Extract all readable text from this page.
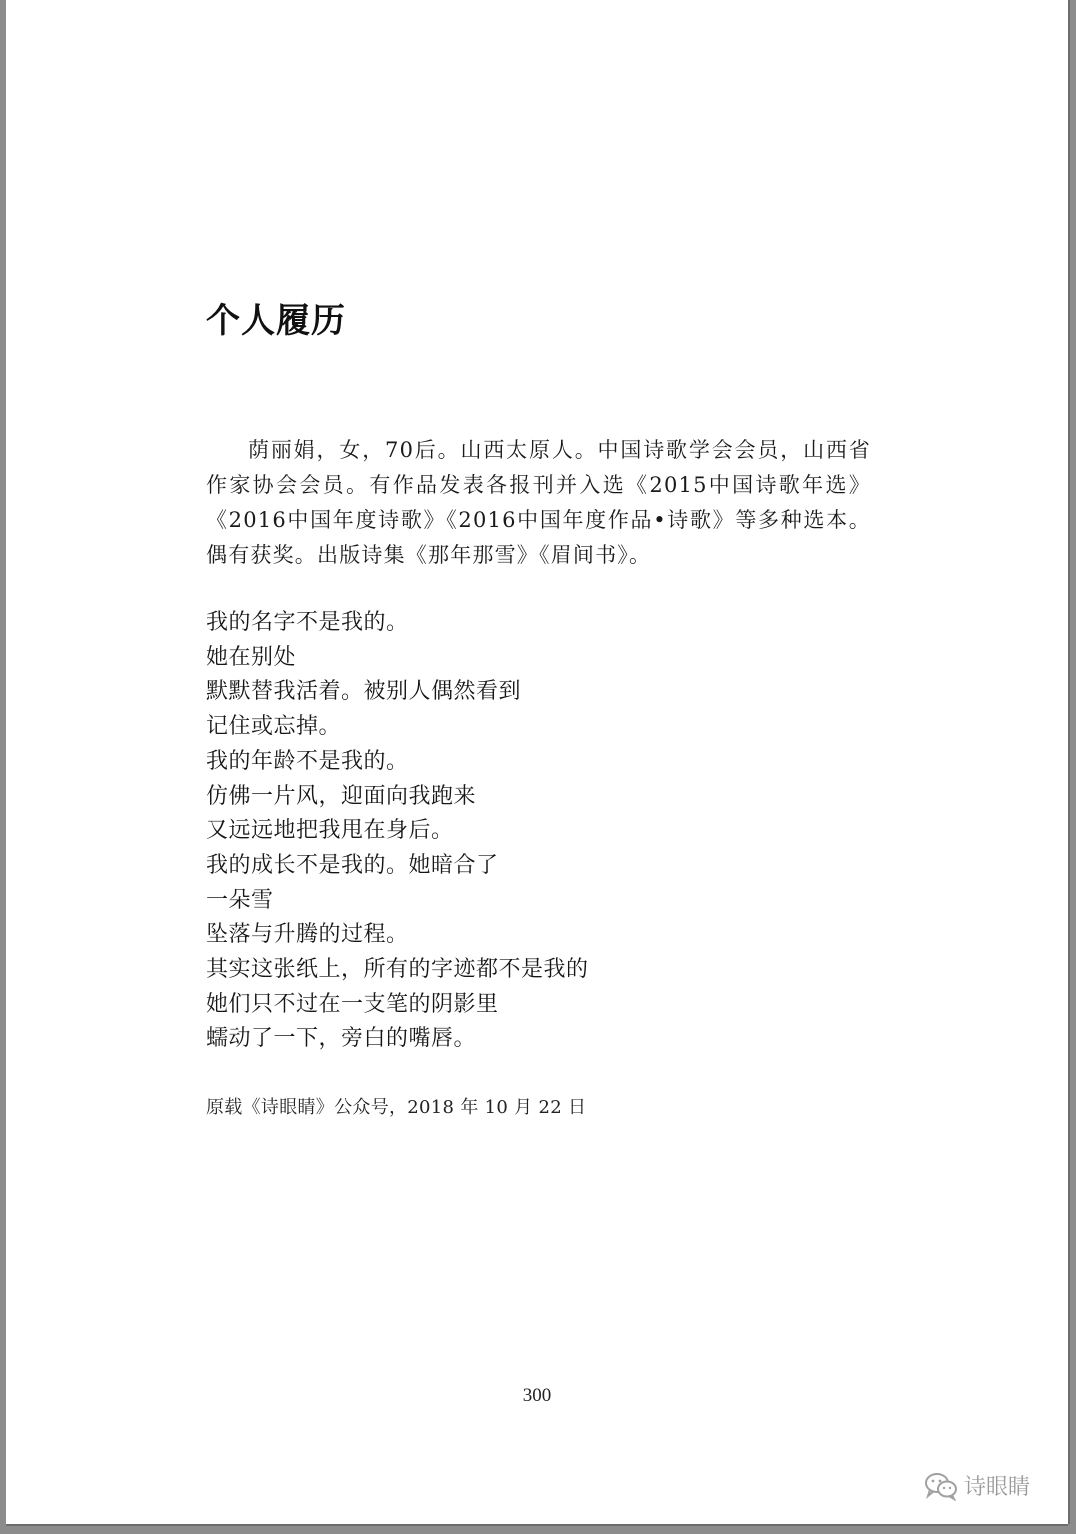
个人履历

荫丽娟，女，70后。山西太原人。中国诗歌学会会员，山西省作家协会会员。有作品发表各报刊并入选《2015中国诗歌年选》《2016中国年度诗歌》《2016中国年度作品•诗歌》等多种选本。偶有获奖。出版诗集《那年那雪》《眉间书》。

我的名字不是我的。
她在别处
默默替我活着。被别人偶然看到
记住或忘掉。
我的年龄不是我的。
仿佛一片风，迎面向我跑来
又远远地把我甩在身后。
我的成长不是我的。她暗合了
一朵雪
坠落与升腾的过程。
其实这张纸上，所有的字迹都不是我的
她们只不过在一支笔的阴影里
蠕动了一下，旁白的嘴唇。

原载《诗眼睛》公众号，2018 年 10 月 22 日

300
诗眼睛
